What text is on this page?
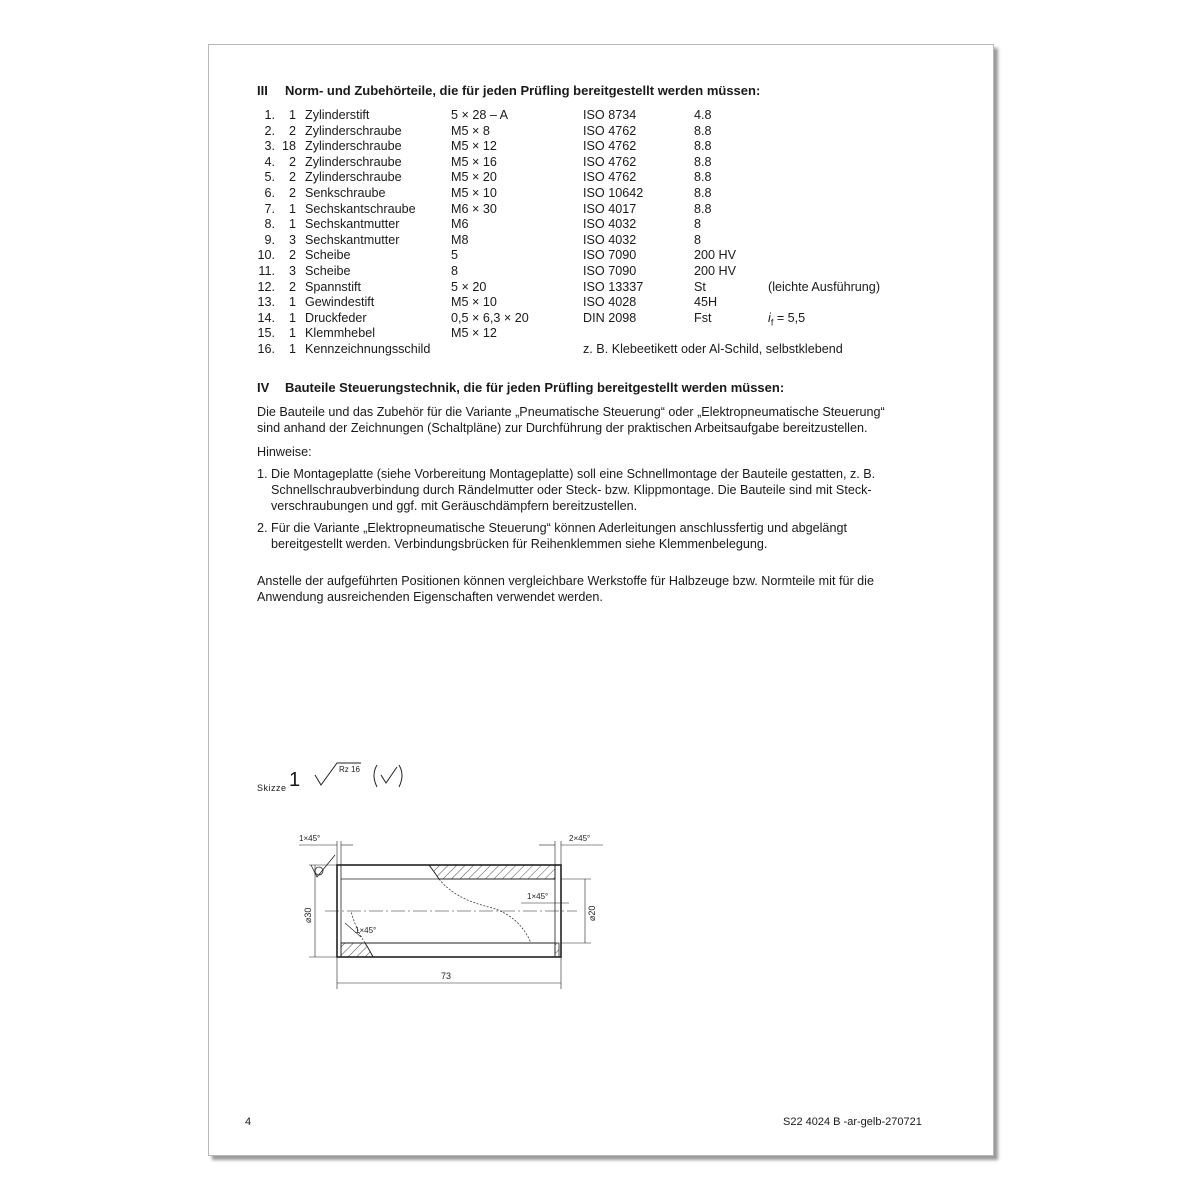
III Norm- und Zubehörteile, die für jeden Prüfling bereitgestellt werden müssen:
1.	1 Zylinderstift	5 × 28 – A	ISO 8734	4.8
2.	2 Zylinderschraube	M5 × 8	ISO 4762	8.8
3. 18 Zylinderschraube	M5 × 12	ISO 4762	8.8
4.	2 Zylinderschraube	M5 × 16	ISO 4762	8.8
5.	2 Zylinderschraube	M5 × 20	ISO 4762	8.8
6.	2 Senkschraube	M5 × 10	ISO 10642	8.8
7.	1 Sechskantschraube	M6 × 30	ISO 4017	8.8
8.	1 Sechskantmutter	M6	ISO 4032	8
9.	3 Sechskantmutter	M8	ISO 4032	8
10.	2 Scheibe	5	ISO 7090	200 HV
11.	3 Scheibe	8	ISO 7090	200 HV
12.	2 Spannstift	5 × 20	ISO 13337	St	(leichte Ausführung)
13.	1 Gewindestift	M5 × 10	ISO 4028	45H
14.	1 Druckfeder	0,5 × 6,3 × 20	DIN 2098	Fst	$i_f = 5,5$
15.	1 Klemmhebel	M5 × 12
16.	1 Kennzeichnungsschild	z. B. Klebeetikett oder Al-Schild, selbstklebend
IV Bauteile Steuerungstechnik, die für jeden Prüfling bereitgestellt werden müssen:

Die Bauteile und das Zubehör für die Variante „Pneumatische Steuerung“ oder „Elektropneumatische Steuerung“

sind anhand der Zeichnungen (Schaltpläne) zur Durchführung der praktischen Arbeitsaufgabe bereitzustellen.

Hinweise:

1. Die Montageplatte (siehe Vorbereitung Montageplatte) soll eine Schnellmontage der Bauteile gestatten, z. B.

Schnellschraubverbindung durch Rändelmutter oder Steck- bzw. Klippmontage. Die Bauteile sind mit Steck-

verschraubungen und ggf. mit Geräuschdämpfern bereitzustellen.

2. Für die Variante „Elektropneumatische Steuerung“ können Aderleitungen anschlussfertig und abgelängt

bereitgestellt werden. Verbindungsbrücken für Reihenklemmen siehe Klemmenbelegung.

Anstelle der aufgeführten Positionen können vergleichbare Werkstoffe für Halbzeuge bzw. Normteile mit für die

Anwendung ausreichenden Eigenschaften verwendet werden.

Skizze 1	Rz 16
1×45°	2×45°
1×45°
1×45°
⌀30	⌀20
73
4	S22 4024 B -ar-gelb-270721
